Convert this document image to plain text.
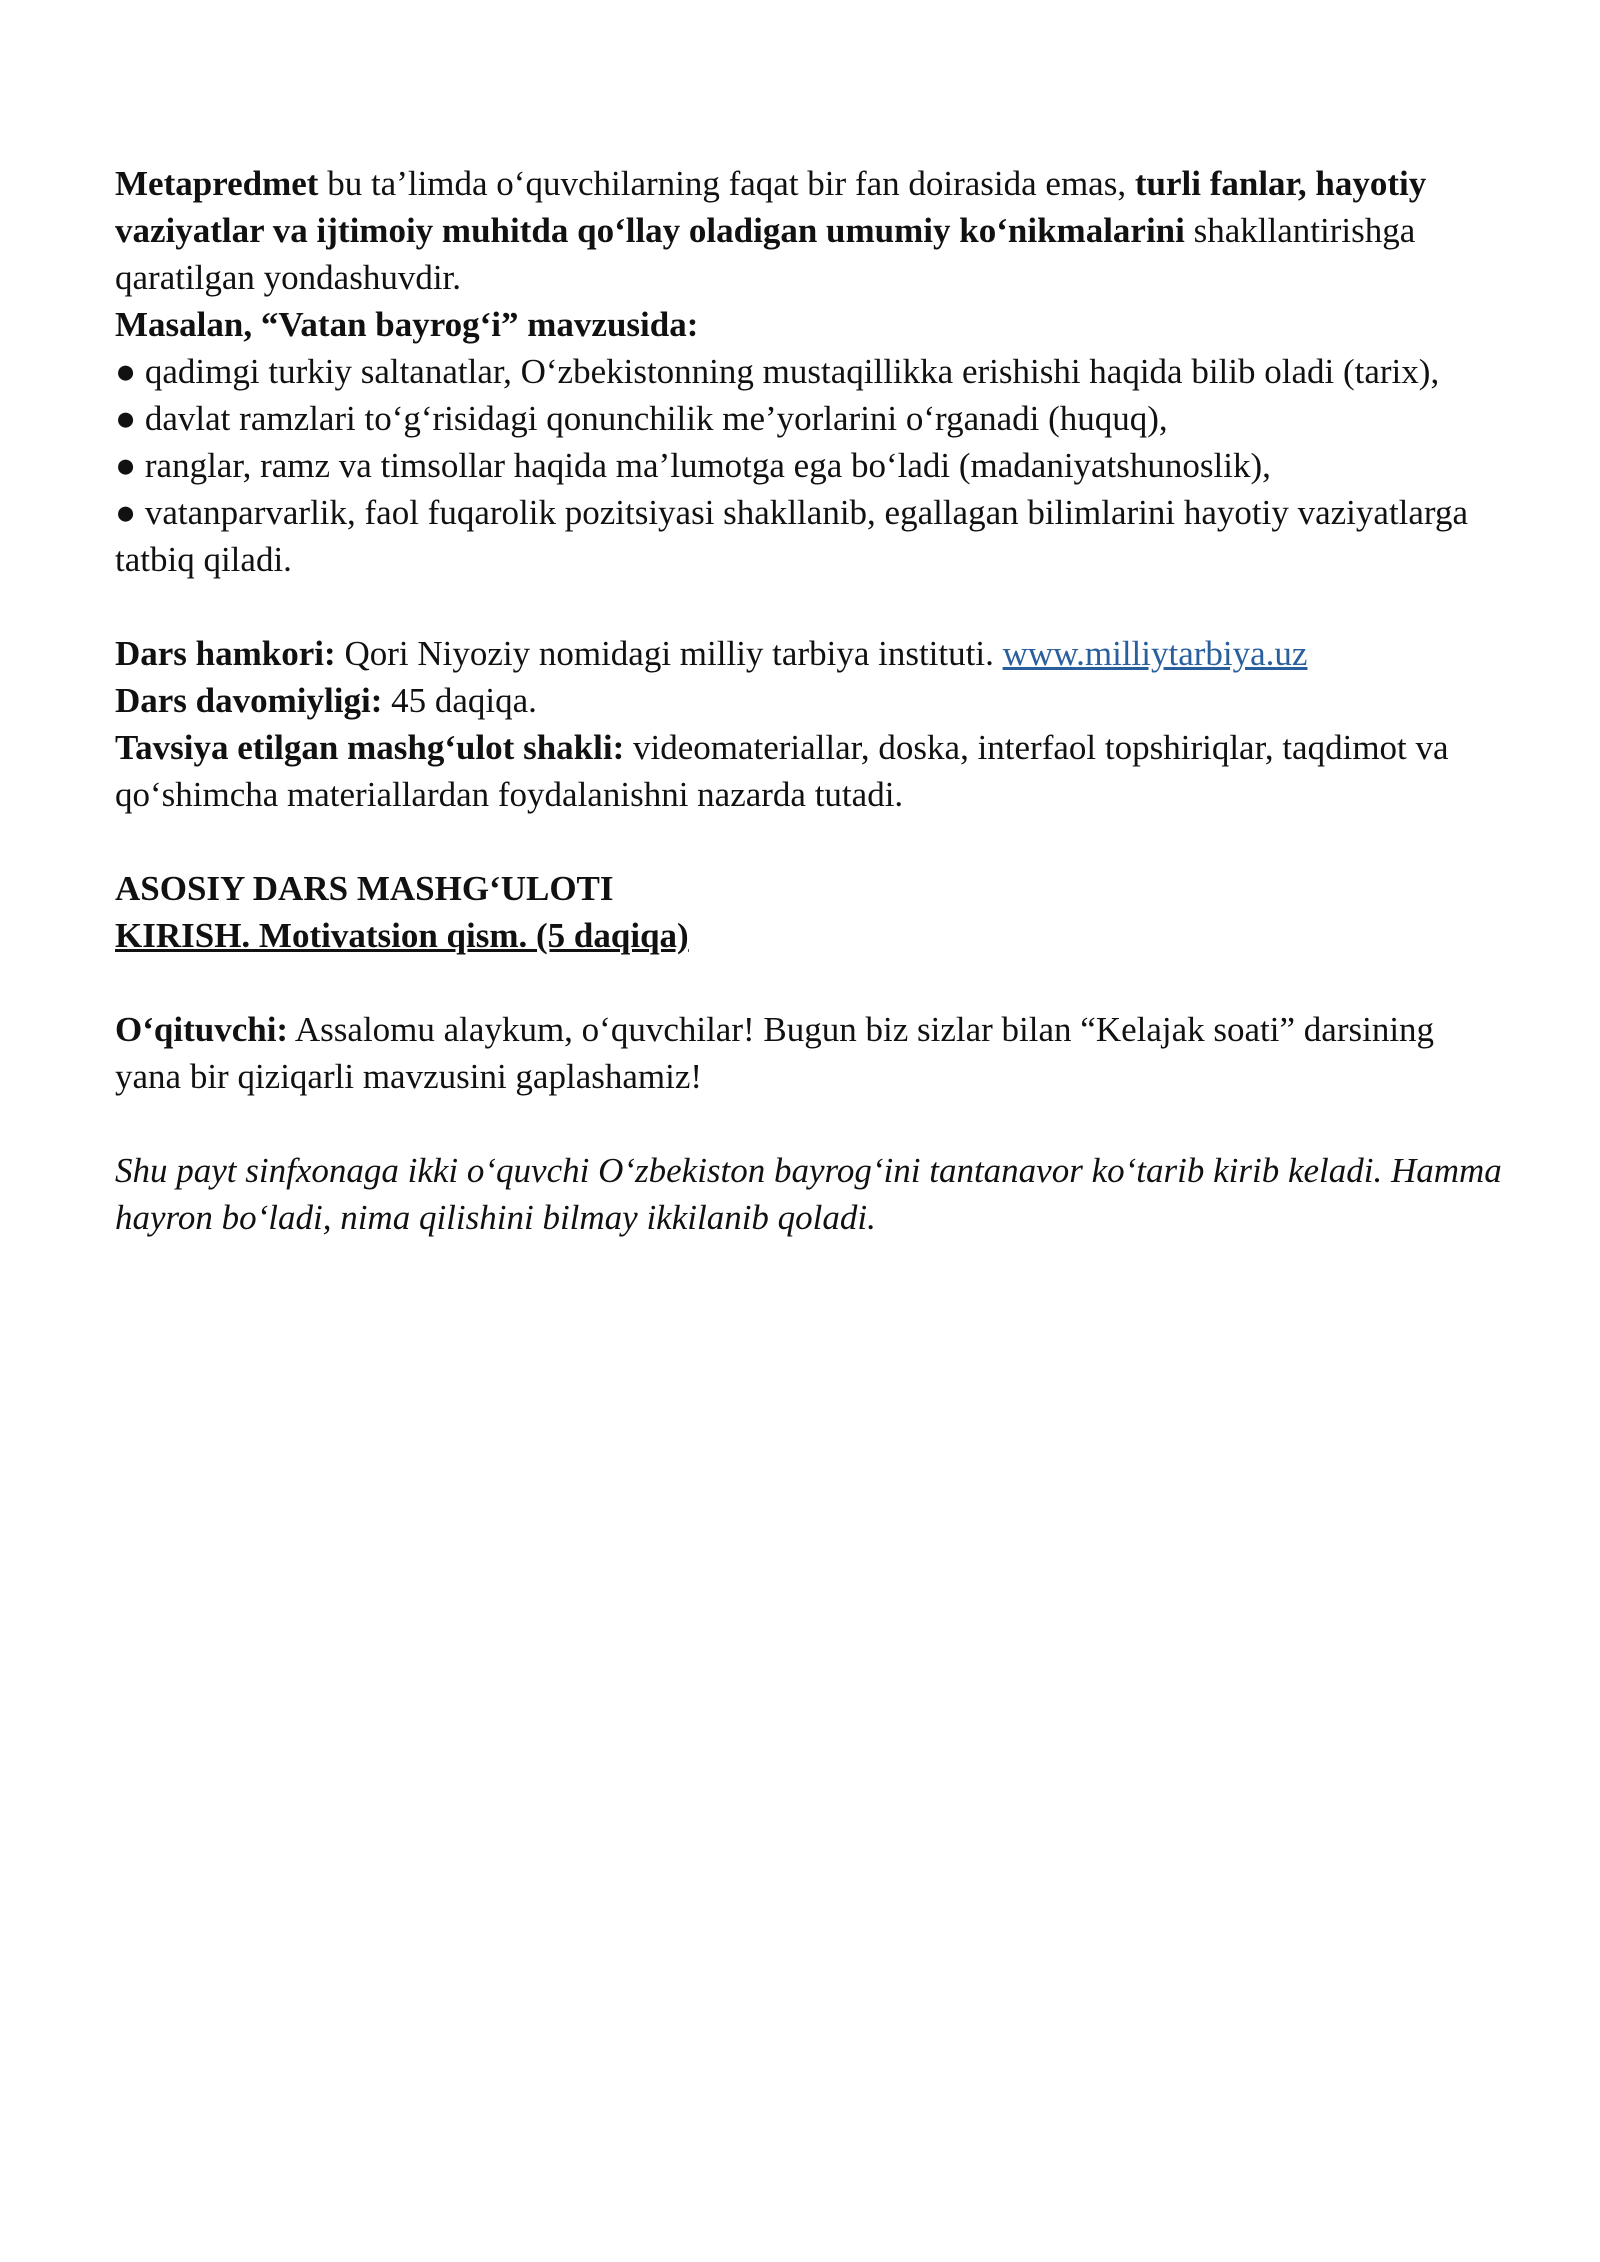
Metapredmet bu ta’limda o‘quvchilarning faqat bir fan doirasida emas, turli fanlar, hayotiy vaziyatlar va ijtimoiy muhitda qo‘llay oladigan umumiy ko‘nikmalarini shakllantirishga qaratilgan yondashuvdir.

Masalan, “Vatan bayrog‘i” mavzusida:

● qadimgi turkiy saltanatlar, O‘zbekistonning mustaqillikka erishishi haqida bilib oladi (tarix),

● davlat ramzlari to‘g‘risidagi qonunchilik me’yorlarini o‘rganadi (huquq),

● ranglar, ramz va timsollar haqida ma’lumotga ega bo‘ladi (madaniyatshunoslik),

● vatanparvarlik, faol fuqarolik pozitsiyasi shakllanib, egallagan bilimlarini hayotiy vaziyatlarga tatbiq qiladi.

Dars hamkori: Qori Niyoziy nomidagi milliy tarbiya instituti. www.milliytarbiya.uz

Dars davomiyligi: 45 daqiqa.

Tavsiya etilgan mashg‘ulot shakli: videomateriallar, doska, interfaol topshiriqlar, taqdimot va qo‘shimcha materiallardan foydalanishni nazarda tutadi.

ASOSIY DARS MASHG‘ULOTI

KIRISH. Motivatsion qism. (5 daqiqa)

O‘qituvchi: Assalomu alaykum, o‘quvchilar! Bugun biz sizlar bilan “Kelajak soati” darsining yana bir qiziqarli mavzusini gaplashamiz!

Shu payt sinfxonaga ikki o‘quvchi O‘zbekiston bayrog‘ini tantanavor ko‘tarib kirib keladi. Hamma hayron bo‘ladi, nima qilishini bilmay ikkilanib qoladi.
